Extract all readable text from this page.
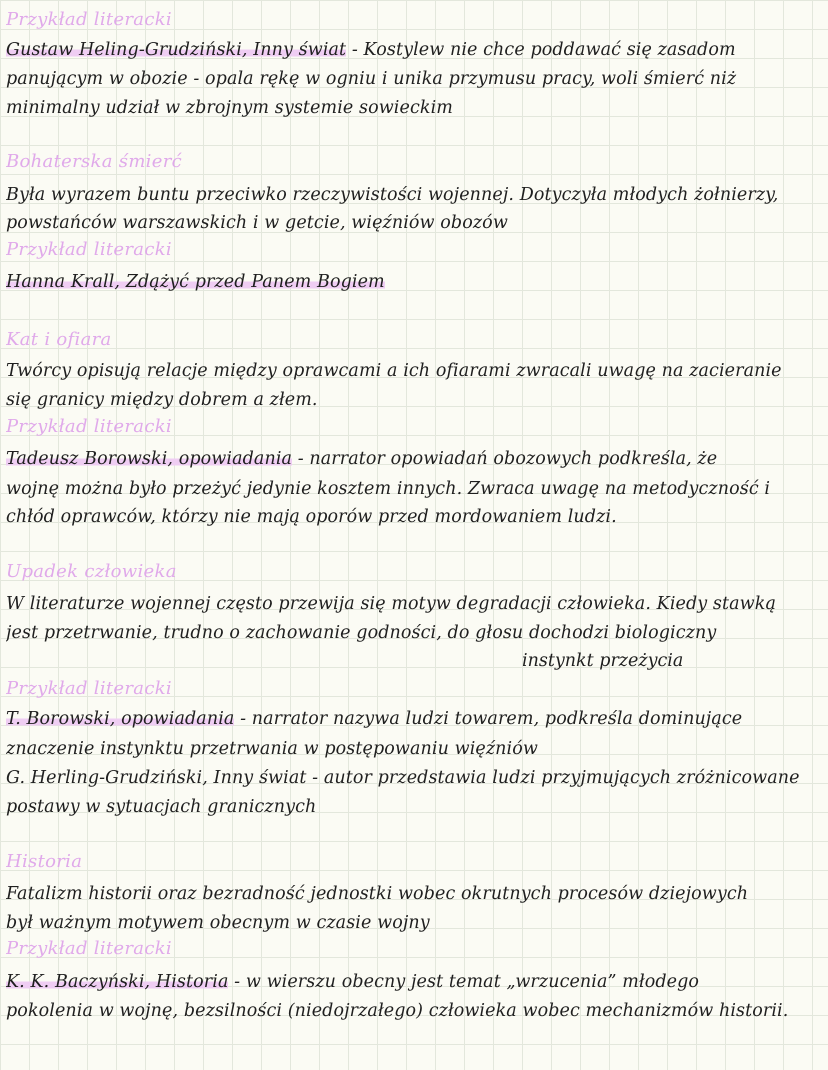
Przykład literacki
Gustaw Heling-Grudziński, Inny świat - Kostylew nie chce poddawać się zasadom
panującym w obozie - opala rękę w ogniu i unika przymusu pracy, woli śmierć niż
minimalny udział w zbrojnym systemie sowieckim
Bohaterska śmierć
Była wyrazem buntu przeciwko rzeczywistości wojennej. Dotyczyła młodych żołnierzy,
powstańców warszawskich i w getcie, więźniów obozów
Przykład literacki
Hanna Krall, Zdążyć przed Panem Bogiem
Kat i ofiara
Twórcy opisują relacje między oprawcami a ich ofiarami zwracali uwagę na zacieranie
się granicy między dobrem a złem.
Przykład literacki
Tadeusz Borowski, opowiadania - narrator opowiadań obozowych podkreśla, że
wojnę można było przeżyć jedynie kosztem innych. Zwraca uwagę na metodyczność i
chłód oprawców, którzy nie mają oporów przed mordowaniem ludzi.
Upadek człowieka
W literaturze wojennej często przewija się motyw degradacji człowieka. Kiedy stawką
jest przetrwanie, trudno o zachowanie godności, do głosu dochodzi biologiczny
instynkt przeżycia
Przykład literacki
T. Borowski, opowiadania - narrator nazywa ludzi towarem, podkreśla dominujące
znaczenie instynktu przetrwania w postępowaniu więźniów
G. Herling-Grudziński, Inny świat - autor przedstawia ludzi przyjmujących zróżnicowane
postawy w sytuacjach granicznych
Historia
Fatalizm historii oraz bezradność jednostki wobec okrutnych procesów dziejowych
był ważnym motywem obecnym w czasie wojny
Przykład literacki
K. K. Baczyński, Historia - w wierszu obecny jest temat „wrzucenia” młodego
pokolenia w wojnę, bezsilności (niedojrzałego) człowieka wobec mechanizmów historii.
